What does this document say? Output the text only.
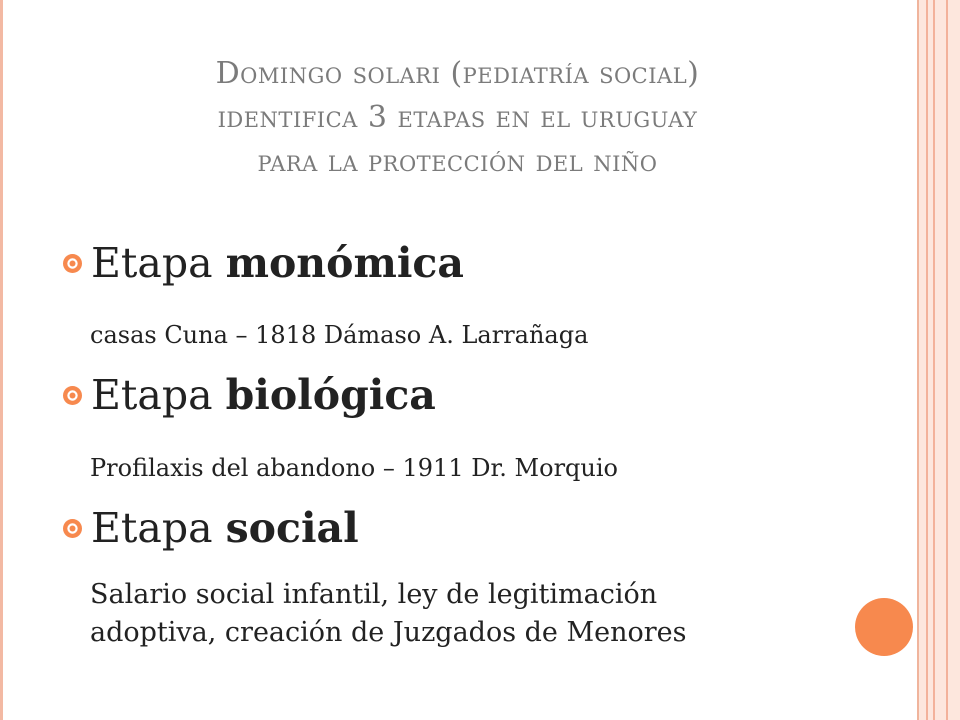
Domingo solari (pediatría social)
identifica 3 etapas en el uruguay
para la protección del niño
Etapa monómica
casas Cuna – 1818 Dámaso A. Larrañaga
Etapa biológica
Profilaxis del abandono – 1911 Dr. Morquio
Etapa social
Salario social infantil, ley de legitimación
adoptiva, creación de Juzgados de Menores
